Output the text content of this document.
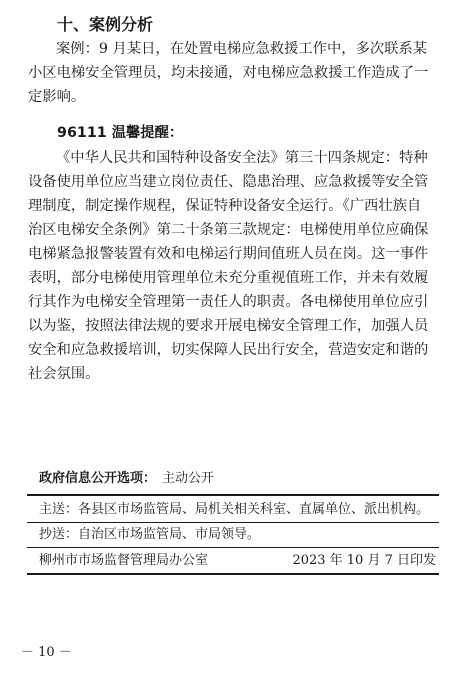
十、案例分析

案例：9 月某日，在处置电梯应急救援工作中，多次联系某

小区电梯安全管理员，均未接通，对电梯应急救援工作造成了一

定影响。

96111 温馨提醒：

《中华人民共和国特种设备安全法》第三十四条规定：特种

设备使用单位应当建立岗位责任、隐患治理、应急救援等安全管

理制度，制定操作规程，保证特种设备安全运行。《广西壮族自

治区电梯安全条例》第二十条第三款规定：电梯使用单位应确保

电梯紧急报警装置有效和电梯运行期间值班人员在岗。这一事件

表明，部分电梯使用管理单位未充分重视值班工作，并未有效履

行其作为电梯安全管理第一责任人的职责。各电梯使用单位应引

以为鉴，按照法律法规的要求开展电梯安全管理工作，加强人员

安全和应急救援培训，切实保障人民出行安全，营造安定和谐的

社会氛围。

政府信息公开选项： 主动公开
主送：各县区市场监管局、局机关相关科室、直属单位、派出机构。
抄送：自治区市场监管局、市局领导。
柳州市市场监督管理局办公室	2023 年 10 月 7 日印发
－ 10 －
